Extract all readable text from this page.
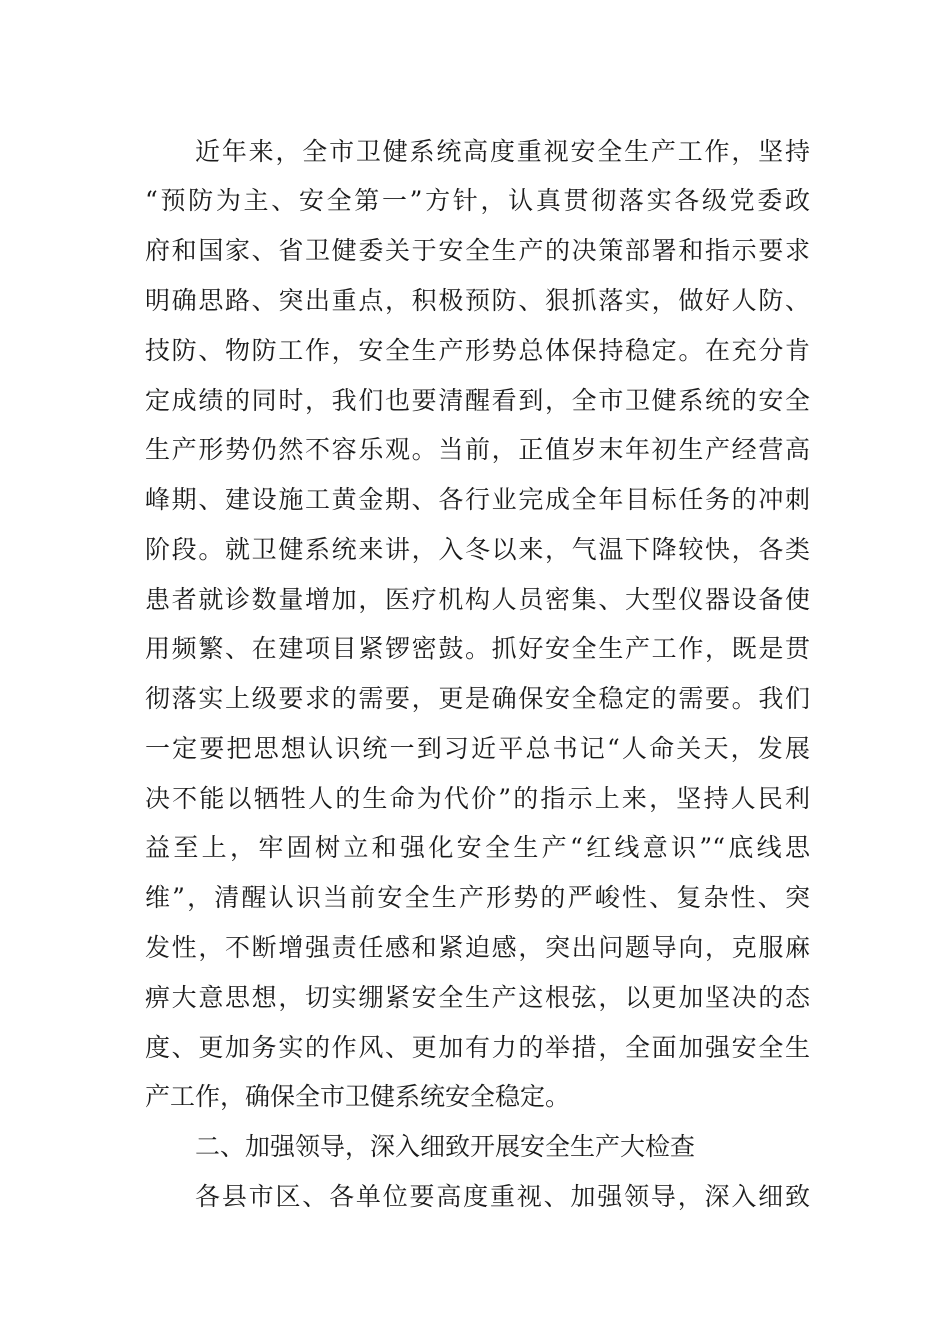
近年来，全市卫健系统高度重视安全生产工作，坚持
“预防为主、安全第一”方针，认真贯彻落实各级党委政
府和国家、省卫健委关于安全生产的决策部署和指示要求
明确思路、突出重点，积极预防、狠抓落实，做好人防、
技防、物防工作，安全生产形势总体保持稳定。在充分肯
定成绩的同时，我们也要清醒看到，全市卫健系统的安全
生产形势仍然不容乐观。当前，正值岁末年初生产经营高
峰期、建设施工黄金期、各行业完成全年目标任务的冲刺
阶段。就卫健系统来讲，入冬以来，气温下降较快，各类
患者就诊数量增加，医疗机构人员密集、大型仪器设备使
用频繁、在建项目紧锣密鼓。抓好安全生产工作，既是贯
彻落实上级要求的需要，更是确保安全稳定的需要。我们
一定要把思想认识统一到习近平总书记“人命关天，发展
决不能以牺牲人的生命为代价”的指示上来，坚持人民利
益至上，牢固树立和强化安全生产“红线意识”“底线思
维”，清醒认识当前安全生产形势的严峻性、复杂性、突
发性，不断增强责任感和紧迫感，突出问题导向，克服麻
痹大意思想，切实绷紧安全生产这根弦，以更加坚决的态
度、更加务实的作风、更加有力的举措，全面加强安全生
产工作，确保全市卫健系统安全稳定。
二、加强领导，深入细致开展安全生产大检查
各县市区、各单位要高度重视、加强领导，深入细致
